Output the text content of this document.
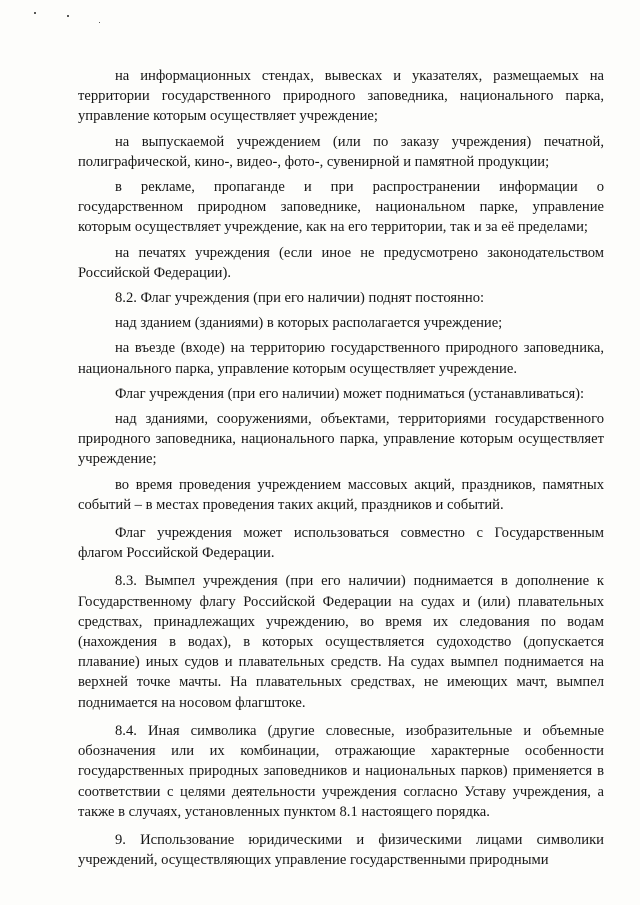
на информационных стендах, вывесках и указателях, размещаемых на территории государственного природного заповедника, национального парка, управление которым осуществляет учреждение;

на выпускаемой учреждением (или по заказу учреждения) печатной, полиграфической, кино-, видео-, фото-, сувенирной и памятной продукции;

в рекламе, пропаганде и при распространении информации о государственном природном заповеднике, национальном парке, управление которым осуществляет учреждение, как на его территории, так и за её пределами;

на печатях учреждения (если иное не предусмотрено законодательством Российской Федерации).

8.2. Флаг учреждения (при его наличии) поднят постоянно:

над зданием (зданиями) в которых располагается учреждение;

на въезде (входе) на территорию государственного природного заповедника, национального парка, управление которым осуществляет учреждение.

Флаг учреждения (при его наличии) может подниматься (устанавливаться):

над зданиями, сооружениями, объектами, территориями государственного природного заповедника, национального парка, управление которым осуществляет учреждение;

во время проведения учреждением массовых акций, праздников, памятных событий – в местах проведения таких акций, праздников и событий.

Флаг учреждения может использоваться совместно с Государственным флагом Российской Федерации.

8.3. Вымпел учреждения (при его наличии) поднимается в дополнение к Государственному флагу Российской Федерации на судах и (или) плавательных средствах, принадлежащих учреждению, во время их следования по водам (нахождения в водах), в которых осуществляется судоходство (допускается плавание) иных судов и плавательных средств. На судах вымпел поднимается на верхней точке мачты. На плавательных средствах, не имеющих мачт, вымпел поднимается на носовом флагштоке.

8.4. Иная символика (другие словесные, изобразительные и объемные обозначения или их комбинации, отражающие характерные особенности государственных природных заповедников и национальных парков) применяется в соответствии с целями деятельности учреждения согласно Уставу учреждения, а также в случаях, установленных пунктом 8.1 настоящего порядка.

9. Использование юридическими и физическими лицами символики учреждений, осуществляющих управление государственными природными
